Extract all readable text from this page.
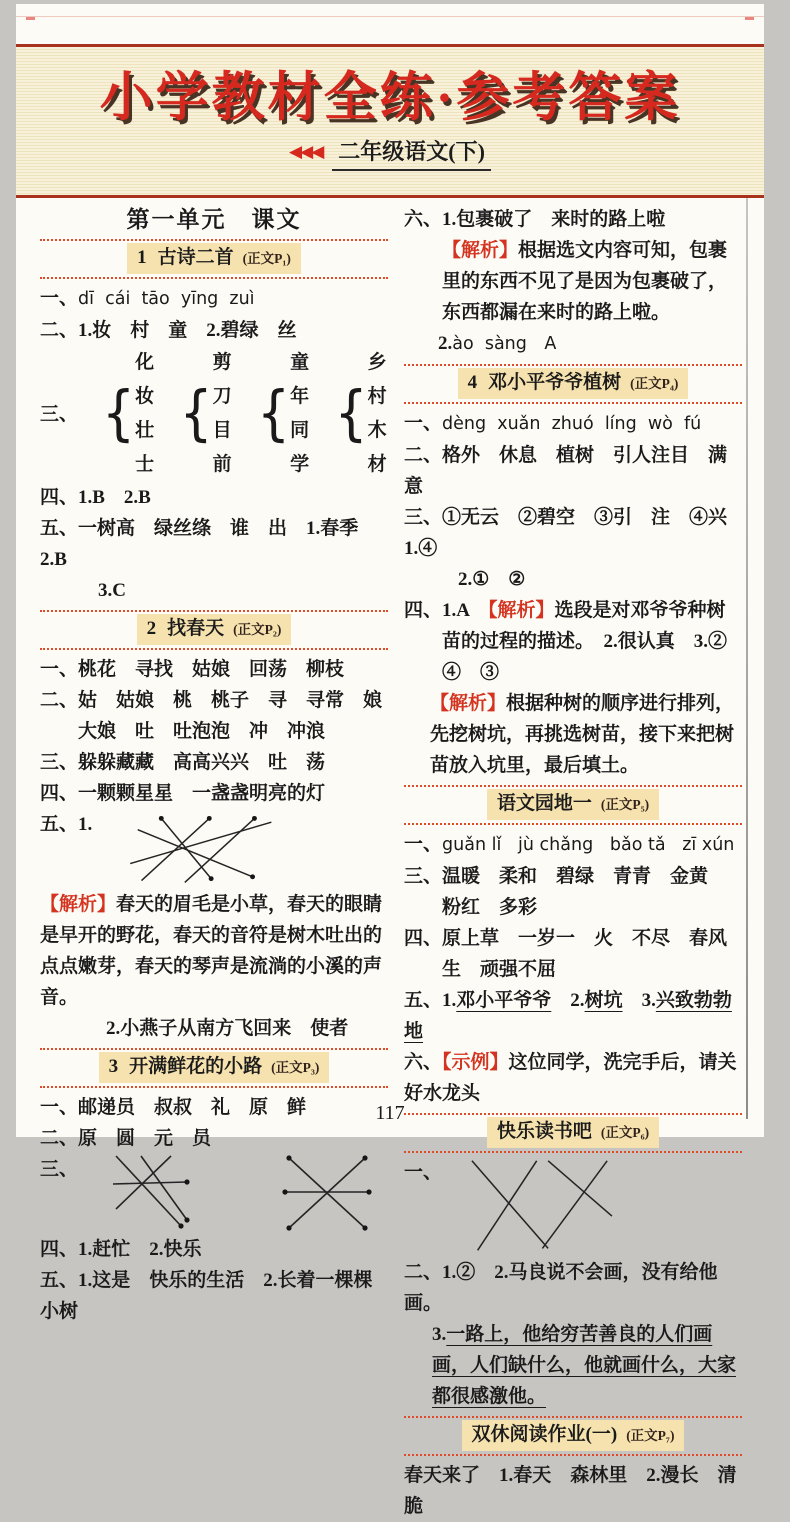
小学教材全练·参考答案
◀◀◀ 二年级语文(下)
第一单元　课文
1 古诗二首 (正文P₁)
一、dī  cái  tāo  yīng  zuì
二、1.妆　村　童　2.碧绿　丝
三、 {
化妆
壮士
{
剪刀
目前
{
童年
同学
{
乡村
木材
四、1.B　2.B
五、一树高　绿丝绦　谁　出　1.春季　2.B
3.C
2 找春天 (正文P₂)
一、桃花　寻找　姑娘　回荡　柳枝
二、姑　姑娘　桃　桃子　寻　寻常　娘　大娘　吐　吐泡泡　冲　冲浪
三、躲躲藏藏　高高兴兴　吐　荡
四、一颗颗星星　一盏盏明亮的灯
五、1.
【解析】春天的眉毛是小草，春天的眼睛是早开的野花，春天的音符是树木吐出的点点嫩芽，春天的琴声是流淌的小溪的声音。
2.小燕子从南方飞回来　使者
3 开满鲜花的小路 (正文P₃)
一、邮递员　叔叔　礼　原　鲜
二、原　圆　元　员
三、
四、1.赶忙　2.快乐
五、1.这是　快乐的生活　2.长着一棵棵小树
六、1.包裹破了　来时的路上啦　【解析】根据选文内容可知，包裹里的东西不见了是因为包裹破了，东西都漏在来时的路上啦。
2.ào  sàng　A
4 邓小平爷爷植树 (正文P₄)
一、dèng  xuǎn  zhuó  líng  wò  fú
二、格外　休息　植树　引人注目　满意
三、①无云　②碧空　③引　注　④兴　1.④
2.①　②
四、1.A　【解析】选段是对邓爷爷种树苗的过程的描述。　2.很认真　3.②　④　③
【解析】根据种树的顺序进行排列，先挖树坑，再挑选树苗，接下来把树苗放入坑里，最后填土。
语文园地一 (正文P₅)
一、guǎn lǐ   jù chǎng   bǎo tǎ   zī xún
三、温暖　柔和　碧绿　青青　金黄　粉红　多彩
四、原上草　一岁一　火　不尽　春风　生　顽强不屈
五、1.邓小平爷爷　2.树坑　3.兴致勃勃地
六、【示例】这位同学，洗完手后，请关好水龙头
快乐读书吧 (正文P₆)
一、
二、1.②　2.马良说不会画，没有给他画。
3.一路上，他给穷苦善良的人们画画，人们缺什么，他就画什么，大家都很感激他。
双休阅读作业(一) (正文P₇)
春天来了　1.春天　森林里　2.漫长　清脆
117
